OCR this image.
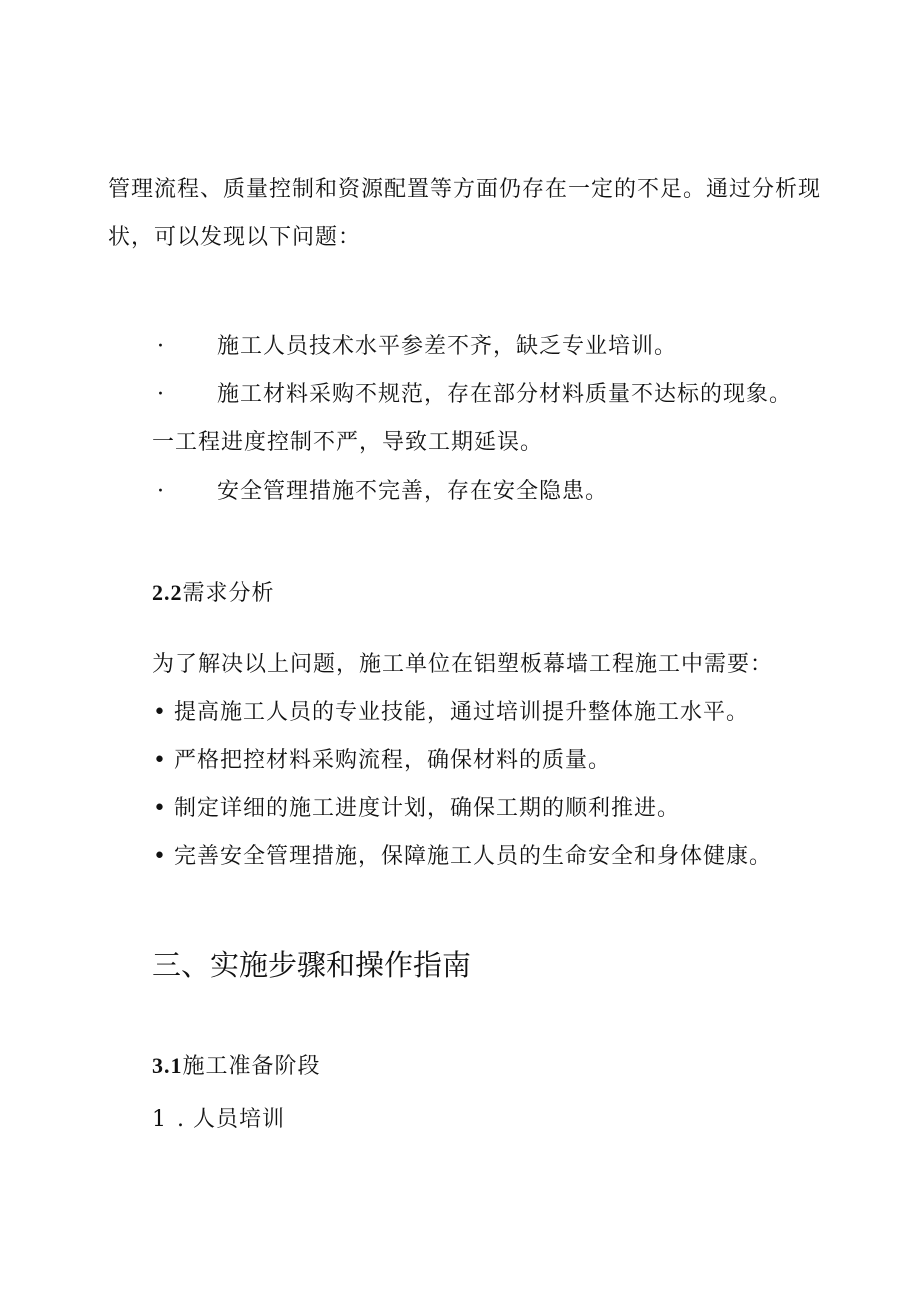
管理流程、质量控制和资源配置等方面仍存在一定的不足。通过分析现
状，可以发现以下问题：
· 施工人员技术水平参差不齐，缺乏专业培训。
· 施工材料采购不规范，存在部分材料质量不达标的现象。
一工程进度控制不严，导致工期延误。
· 安全管理措施不完善，存在安全隐患。
2.2需求分析
为了解决以上问题，施工单位在铝塑板幕墙工程施工中需要：
• 提高施工人员的专业技能，通过培训提升整体施工水平。
• 严格把控材料采购流程，确保材料的质量。
• 制定详细的施工进度计划，确保工期的顺利推进。
• 完善安全管理措施，保障施工人员的生命安全和身体健康。
三、实施步骤和操作指南
3.1施工准备阶段
1 . 人员培训
